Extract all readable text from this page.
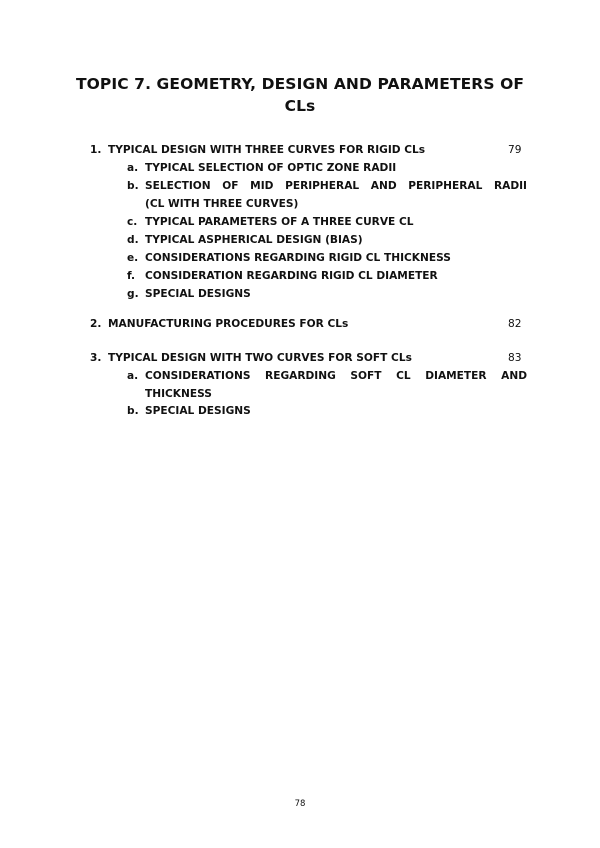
TOPIC 7. GEOMETRY, DESIGN AND PARAMETERS OF
CLs
1. TYPICAL DESIGN WITH THREE CURVES FOR RIGID CLs	79
a. TYPICAL SELECTION OF OPTIC ZONE RADII
b. SELECTION OF MID PERIPHERAL AND PERIPHERAL RADII
(CL WITH THREE CURVES)
c. TYPICAL PARAMETERS OF A THREE CURVE CL
d. TYPICAL ASPHERICAL DESIGN (BIAS)
e. CONSIDERATIONS REGARDING RIGID CL THICKNESS
f. CONSIDERATION REGARDING RIGID CL DIAMETER
g. SPECIAL DESIGNS
2. MANUFACTURING PROCEDURES FOR CLs	82
3. TYPICAL DESIGN WITH TWO CURVES FOR SOFT CLs	83
a. CONSIDERATIONS REGARDING SOFT CL DIAMETER AND
THICKNESS
b. SPECIAL DESIGNS
78
